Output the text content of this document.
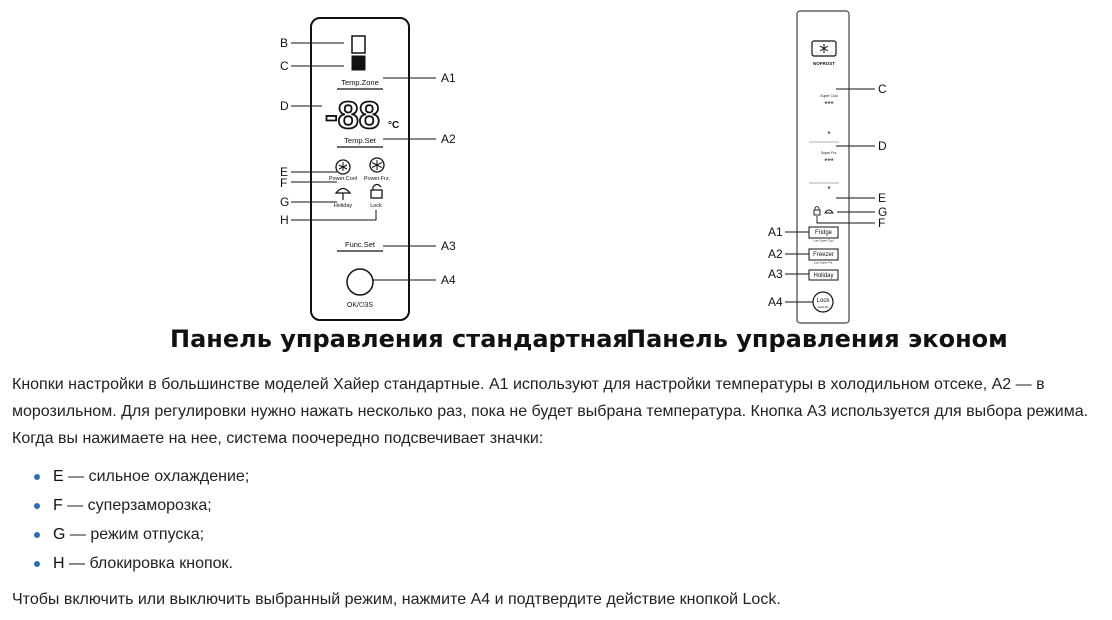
Temp.Zone
-88 °C
Temp.Set
Power.Cool Power.Frz.
Holiday	Lock
Func.Set
OK/⏻3S
B
C
D
E
F
G
H
A1
A2
A3
A4
NOFROST
Super Cool
***
*
Super Frz.
***
*
Fridge
Low Super Cool
Freezer
Low Super Frz.
Holiday
Lock
Hold 3S
C
D
E
G
F
A1
A2
A3
A4
Панель управления стандартная
Панель управления эконом

Кнопки настройки в большинстве моделей Хайер стандартные. А1 используют для настройки температуры в холодильном отсеке, А2 — в морозильном. Для регулировки нужно нажать несколько раз, пока не будет выбрана температура. Кнопка А3 используется для выбора режима. Когда вы нажимаете на нее, система поочередно подсвечивает значки:

E — сильное охлаждение;
F — суперзаморозка;
G — режим отпуска;
H — блокировка кнопок.

Чтобы включить или выключить выбранный режим, нажмите А4 и подтвердите действие кнопкой Lock.
